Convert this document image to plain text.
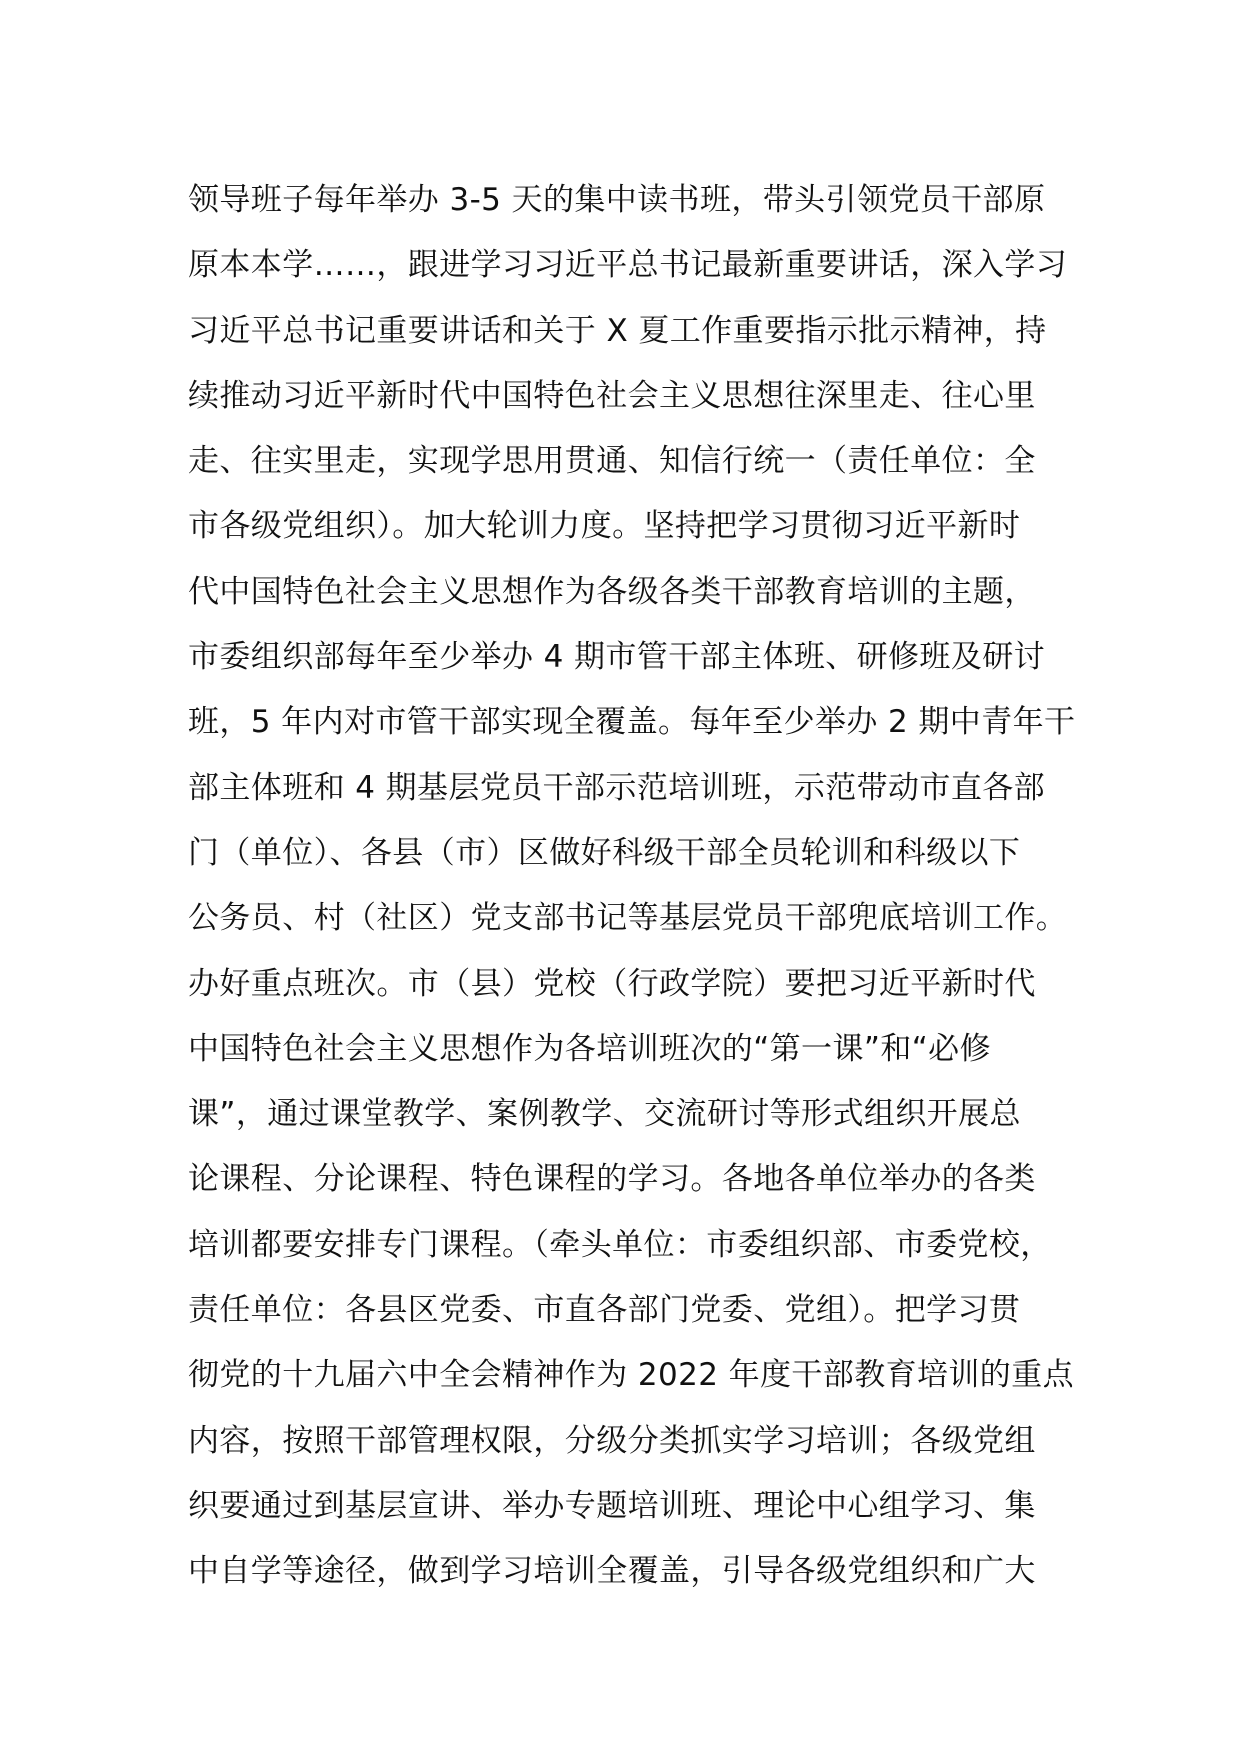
领导班子每年举办 3-5 天的集中读书班，带头引领党员干部原
原本本学……，跟进学习习近平总书记最新重要讲话，深入学习
习近平总书记重要讲话和关于 X 夏工作重要指示批示精神，持
续推动习近平新时代中国特色社会主义思想往深里走、往心里
走、往实里走，实现学思用贯通、知信行统一（责任单位：全
市各级党组织）。加大轮训力度。坚持把学习贯彻习近平新时
代中国特色社会主义思想作为各级各类干部教育培训的主题，
市委组织部每年至少举办 4 期市管干部主体班、研修班及研讨
班，5 年内对市管干部实现全覆盖。每年至少举办 2 期中青年干
部主体班和 4 期基层党员干部示范培训班，示范带动市直各部
门（单位）、各县（市）区做好科级干部全员轮训和科级以下
公务员、村（社区）党支部书记等基层党员干部兜底培训工作。
办好重点班次。市（县）党校（行政学院）要把习近平新时代
中国特色社会主义思想作为各培训班次的“第一课”和“必修
课”，通过课堂教学、案例教学、交流研讨等形式组织开展总
论课程、分论课程、特色课程的学习。各地各单位举办的各类
培训都要安排专门课程。（牵头单位：市委组织部、市委党校，
责任单位：各县区党委、市直各部门党委、党组）。把学习贯
彻党的十九届六中全会精神作为 2022 年度干部教育培训的重点
内容，按照干部管理权限，分级分类抓实学习培训；各级党组
织要通过到基层宣讲、举办专题培训班、理论中心组学习、集
中自学等途径，做到学习培训全覆盖，引导各级党组织和广大
